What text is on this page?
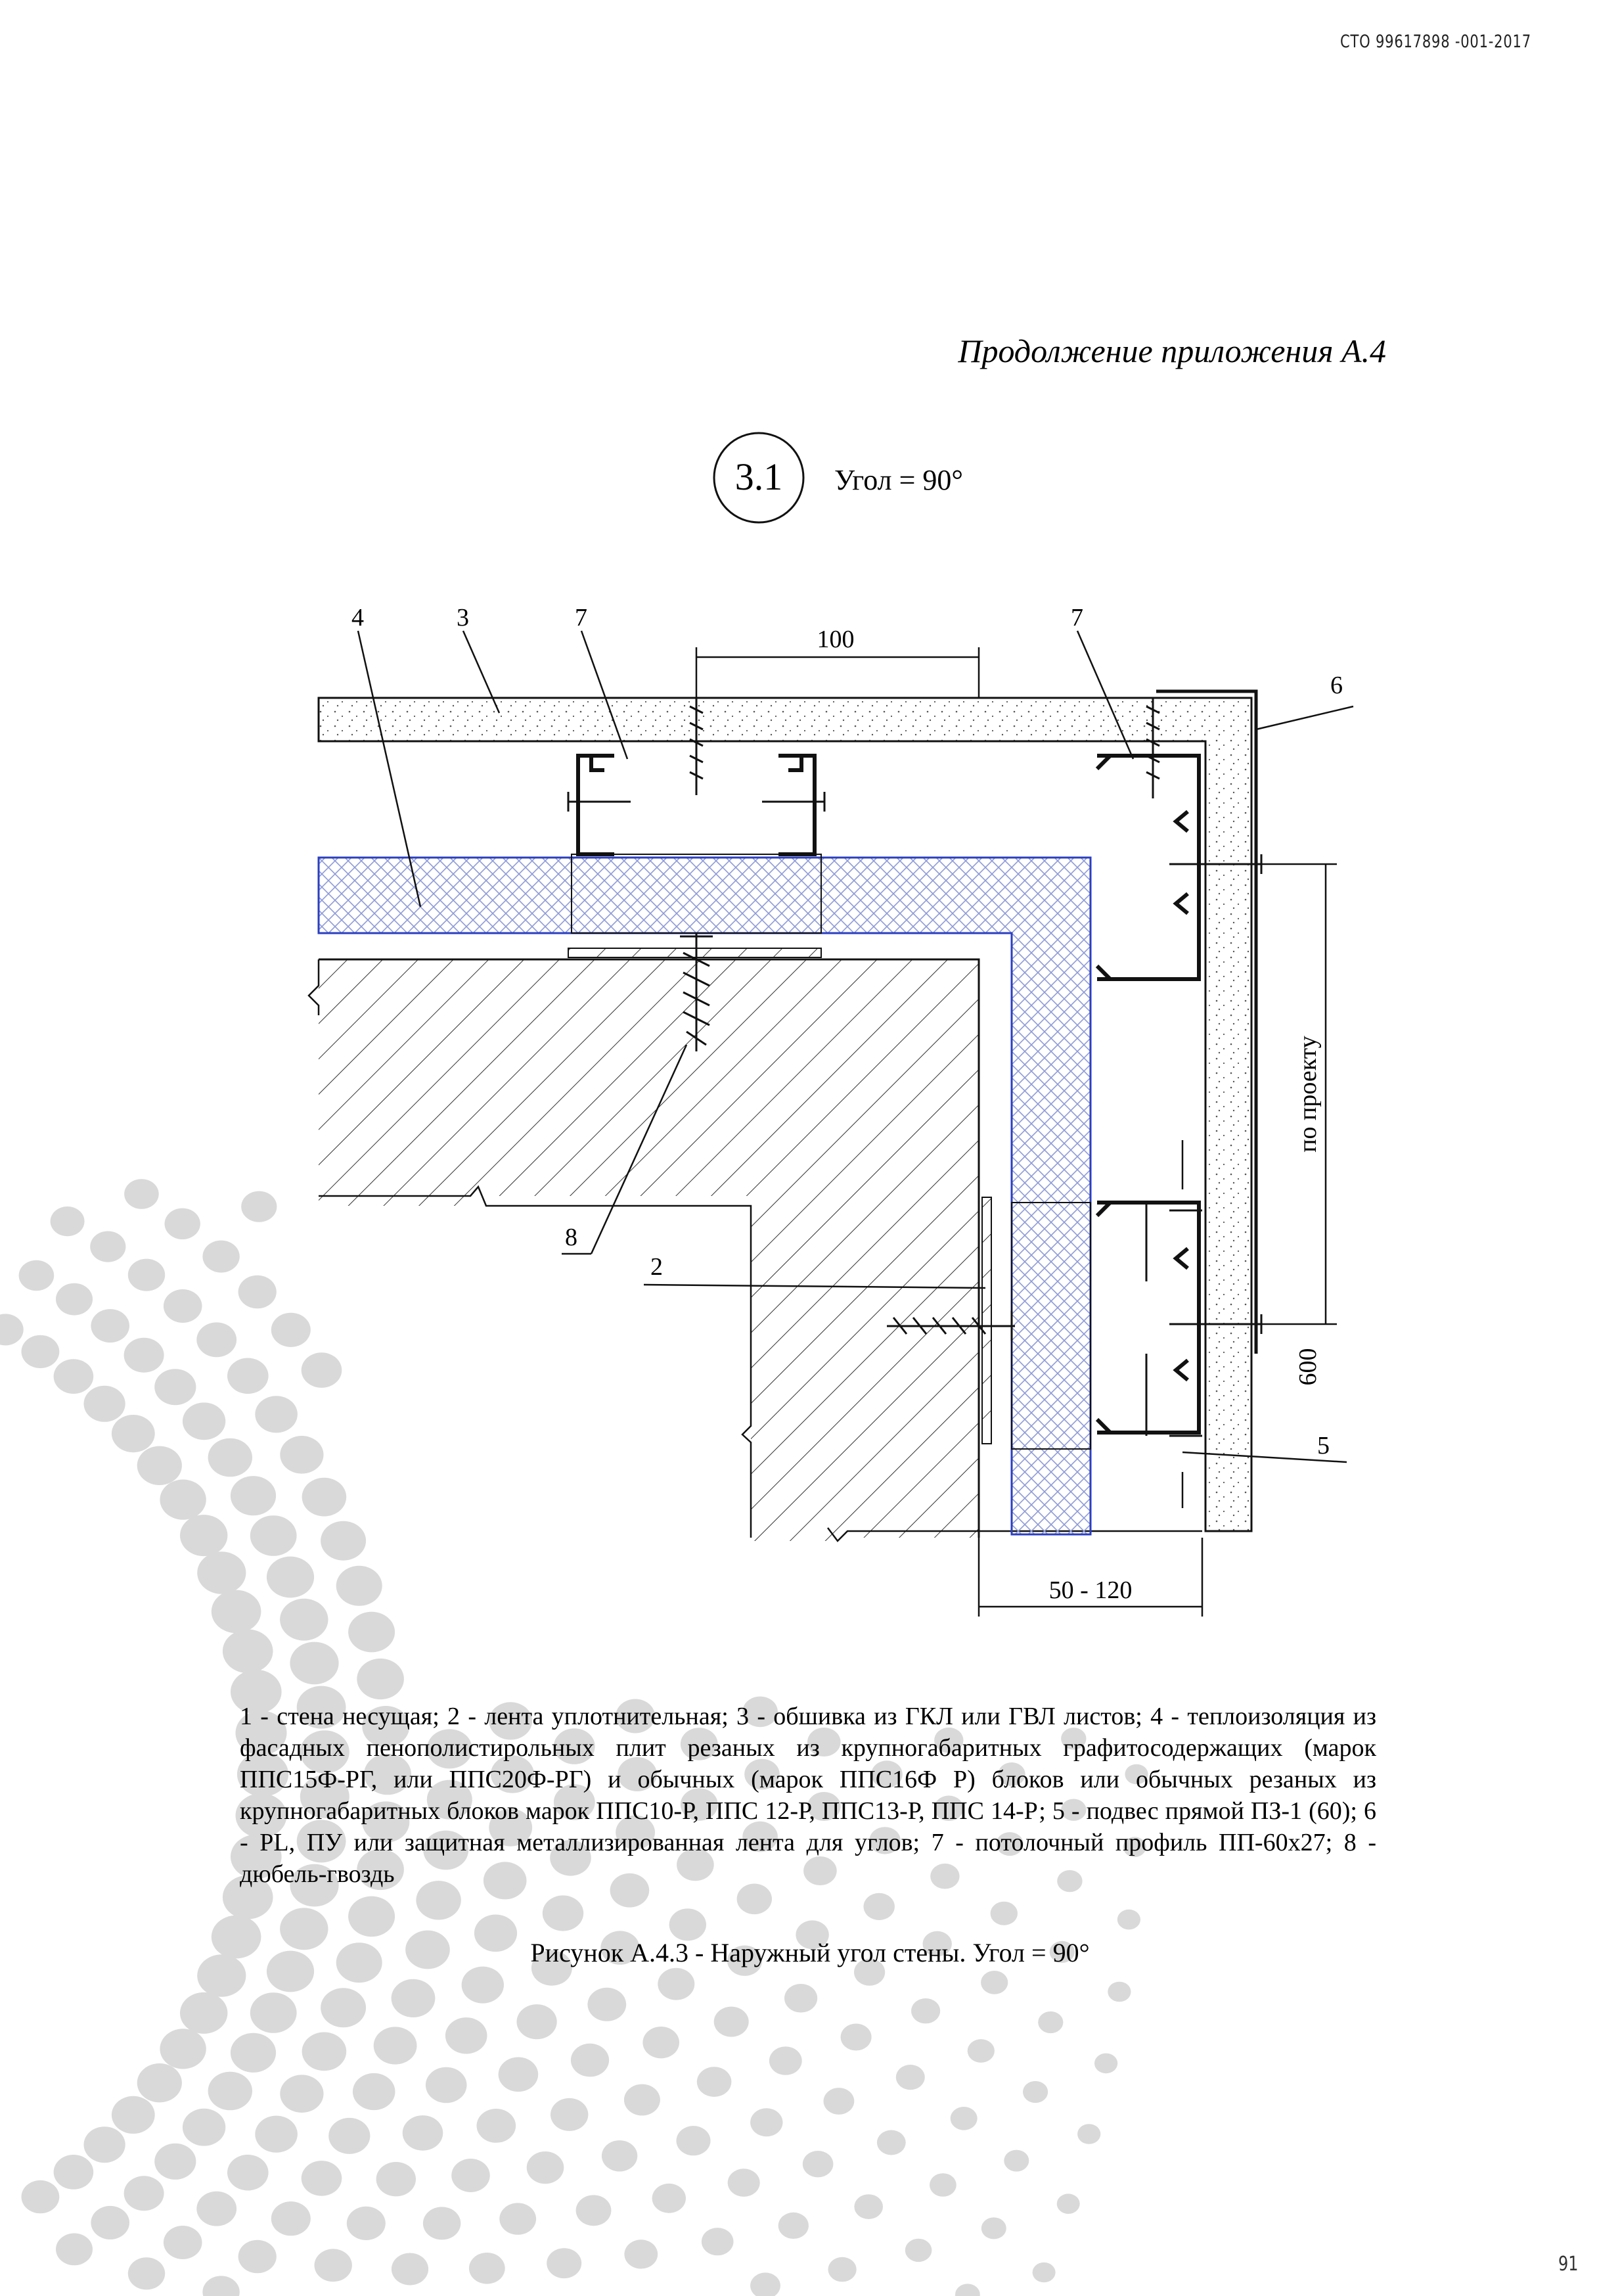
СТО 99617898 -001-2017
Продолжение приложения А.4
3.1 Угол = 90°
100
по проекту
600
50 - 120
4	3	7	7
6
8
2
5
1 - стена несущая; 2 - лента уплотнительная; 3 - обшивка из ГКЛ или ГВЛ листов; 4 - теплоизоляция из фасадных пенополистирольных плит резаных из крупногабаритных графитосодержащих (марок ППС15Ф-РГ, или ППС20Ф-РГ) и обычных (марок ППС16Ф Р) блоков или обычных резаных из крупногабаритных блоков марок ППС10-Р, ППС 12-Р, ППС13-Р, ППС 14-Р; 5 - подвес прямой ПЗ-1 (60); 6 - PL, ПУ или защитная металлизированная лента для углов; 7 - потолочный профиль ПП-60х27; 8 - дюбель-гвоздь
Рисунок А.4.3 - Наружный угол стены. Угол = 90°
91
